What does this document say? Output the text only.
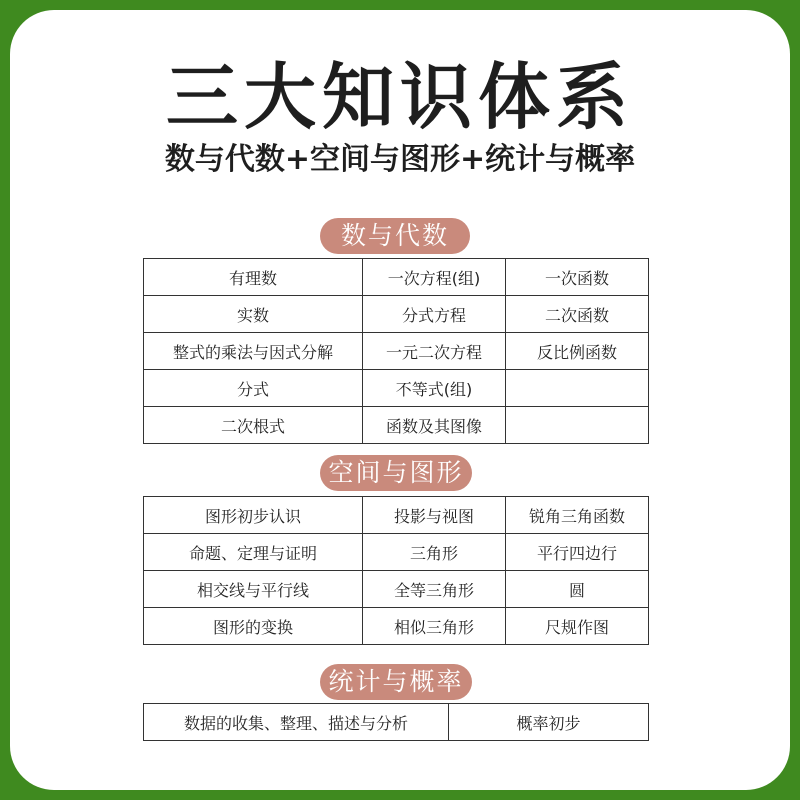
三大知识体系
数与代数+空间与图形+统计与概率
数与代数
有理数	一次方程(组)	一次函数
实数	分式方程	二次函数
整式的乘法与因式分解	一元二次方程	反比例函数
分式	不等式(组)	
二次根式	函数及其图像	
空间与图形
图形初步认识	投影与视图	锐角三角函数
命题、定理与证明	三角形	平行四边行
相交线与平行线	全等三角形	圆
图形的变换	相似三角形	尺规作图
统计与概率
数据的收集、整理、描述与分析	概率初步
